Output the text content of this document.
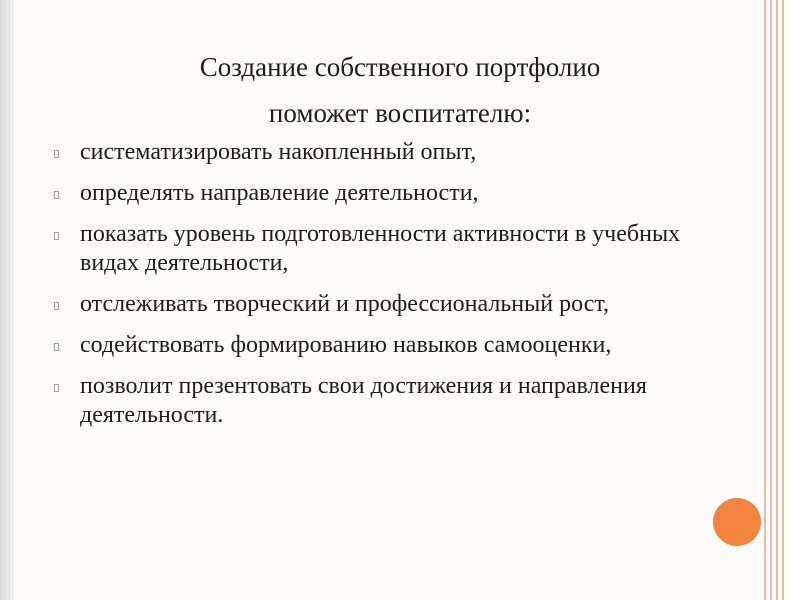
Создание собственного портфолио
поможет воспитателю:
систематизировать накопленный опыт,
определять направление деятельности,
показать уровень подготовленности активности в учебных видах деятельности,
отслеживать творческий и профессиональный рост,
содействовать формированию навыков самооценки,
позволит презентовать свои достижения и направления деятельности.
